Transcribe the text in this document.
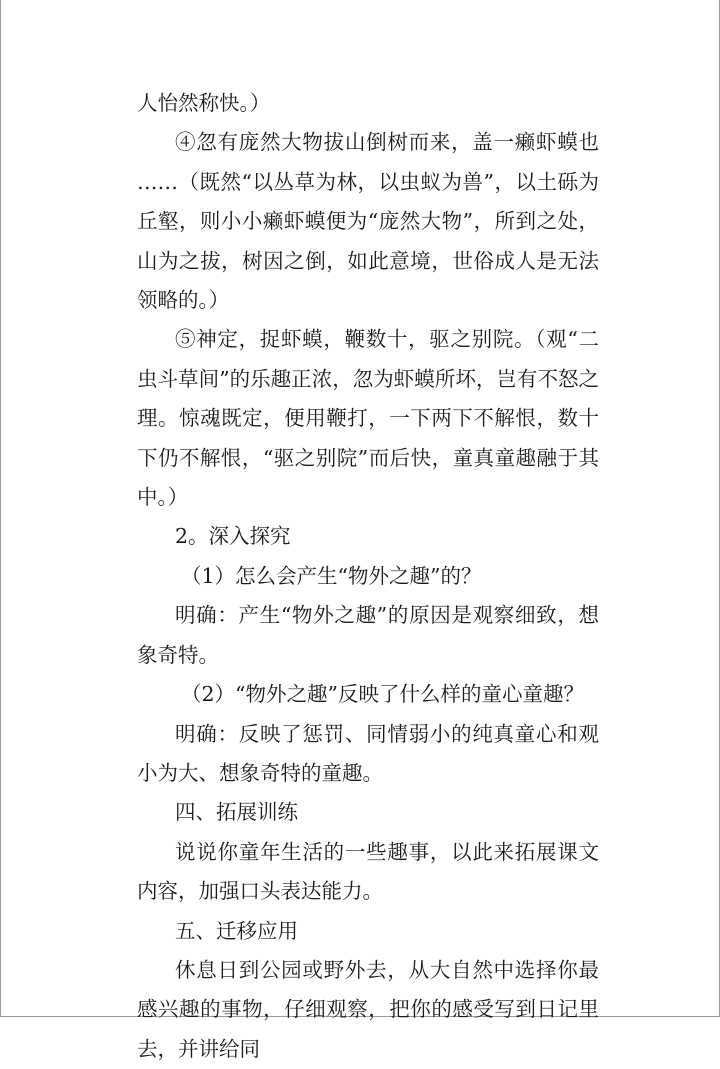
人怡然称快。）

④忽有庞然大物拔山倒树而来，盖一癞虾蟆也……（既然“以丛草为林，以虫蚁为兽”，以土砾为丘壑，则小小癞虾蟆便为“庞然大物”，所到之处，山为之拔，树因之倒，如此意境，世俗成人是无法领略的。）

⑤神定，捉虾蟆，鞭数十，驱之别院。（观“二虫斗草间”的乐趣正浓，忽为虾蟆所坏，岂有不怒之理。惊魂既定，便用鞭打，一下两下不解恨，数十下仍不解恨，“驱之别院”而后快，童真童趣融于其中。）

2。深入探究

（1）怎么会产生“物外之趣”的？

明确：产生“物外之趣”的原因是观察细致，想象奇特。

（2）“物外之趣”反映了什么样的童心童趣？

明确：反映了惩罚、同情弱小的纯真童心和观小为大、想象奇特的童趣。

四、拓展训练

说说你童年生活的一些趣事，以此来拓展课文内容，加强口头表达能力。

五、迁移应用

休息日到公园或野外去，从大自然中选择你最感兴趣的事物，仔细观察，把你的感受写到日记里去，并讲给同
